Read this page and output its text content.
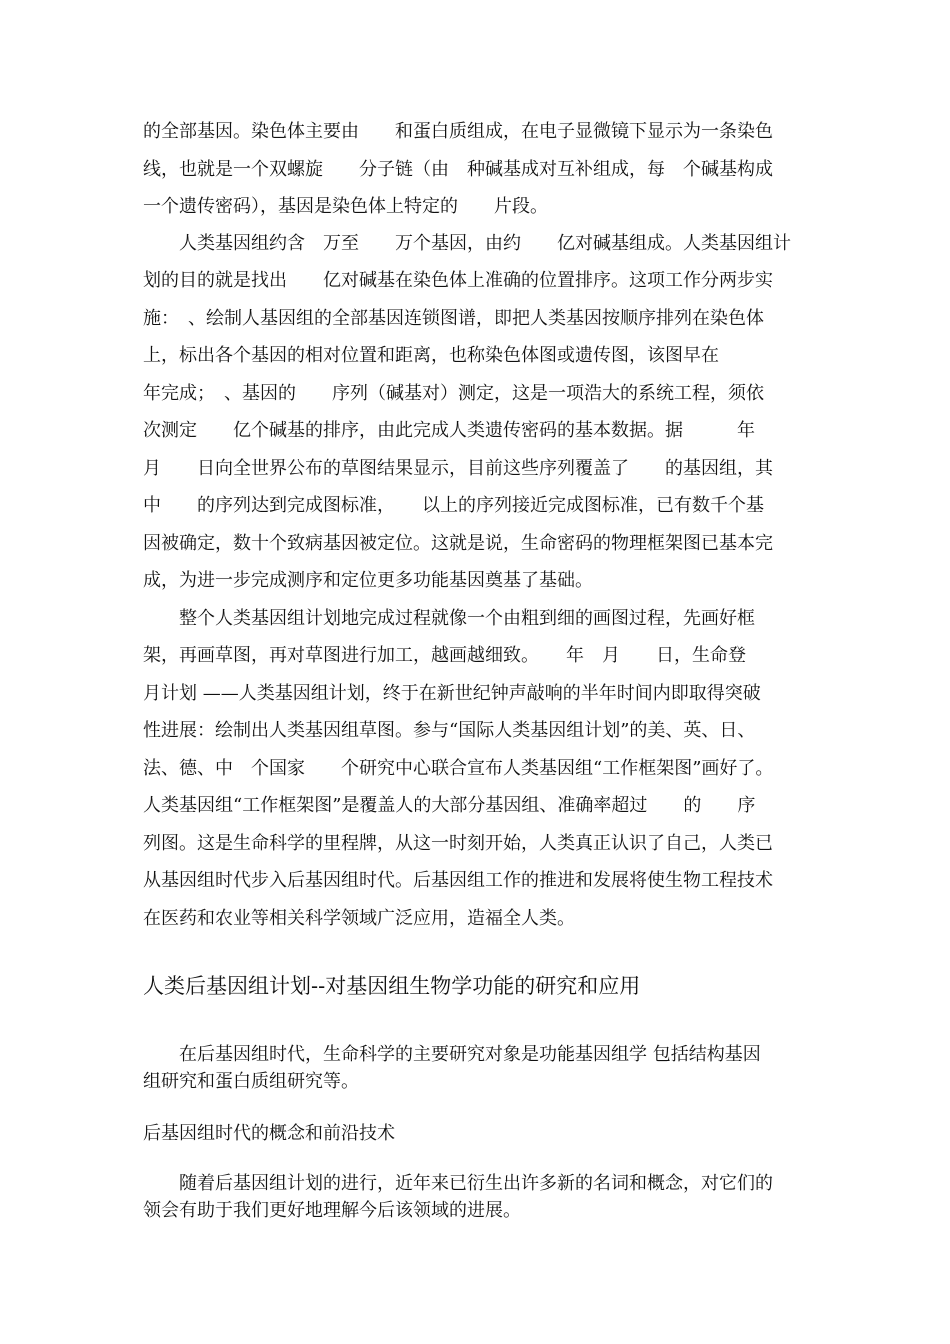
的全部基因。染色体主要由　　和蛋白质组成，在电子显微镜下显示为一条染色

线，也就是一个双螺旋　　分子链（由　种碱基成对互补组成，每　个碱基构成

一个遗传密码），基因是染色体上特定的　　片段。

　　人类基因组约含　万至　　万个基因，由约　　亿对碱基组成。人类基因组计

划的目的就是找出　　亿对碱基在染色体上准确的位置排序。这项工作分两步实

施：　、绘制人基因组的全部基因连锁图谱，即把人类基因按顺序排列在染色体

上，标出各个基因的相对位置和距离，也称染色体图或遗传图，该图早在

年完成；　、基因的　　序列（碱基对）测定，这是一项浩大的系统工程，须依

次测定　　亿个碱基的排序，由此完成人类遗传密码的基本数据。据　　　年

月　　日向全世界公布的草图结果显示，目前这些序列覆盖了　　的基因组，其

中　　的序列达到完成图标准，　　以上的序列接近完成图标准，已有数千个基

因被确定，数十个致病基因被定位。这就是说，生命密码的物理框架图已基本完

成，为进一步完成测序和定位更多功能基因奠基了基础。

　　整个人类基因组计划地完成过程就像一个由粗到细的画图过程，先画好框

架，再画草图，再对草图进行加工，越画越细致。　　年　月　　日，生命登

月计划 ——人类基因组计划，终于在新世纪钟声敲响的半年时间内即取得突破

性进展：绘制出人类基因组草图。参与“国际人类基因组计划”的美、英、日、

法、德、中　个国家　　个研究中心联合宣布人类基因组“工作框架图”画好了。

人类基因组“工作框架图”是覆盖人的大部分基因组、准确率超过　　的　　序

列图。这是生命科学的里程牌，从这一时刻开始，人类真正认识了自己，人类已

从基因组时代步入后基因组时代。后基因组工作的推进和发展将使生物工程技术

在医药和农业等相关科学领域广泛应用，造福全人类。

人类后基因组计划--对基因组生物学功能的研究和应用

　　在后基因组时代，生命科学的主要研究对象是功能基因组学 包括结构基因

组研究和蛋白质组研究等。

后基因组时代的概念和前沿技术

　　随着后基因组计划的进行，近年来已衍生出许多新的名词和概念，对它们的

领会有助于我们更好地理解今后该领域的进展。
